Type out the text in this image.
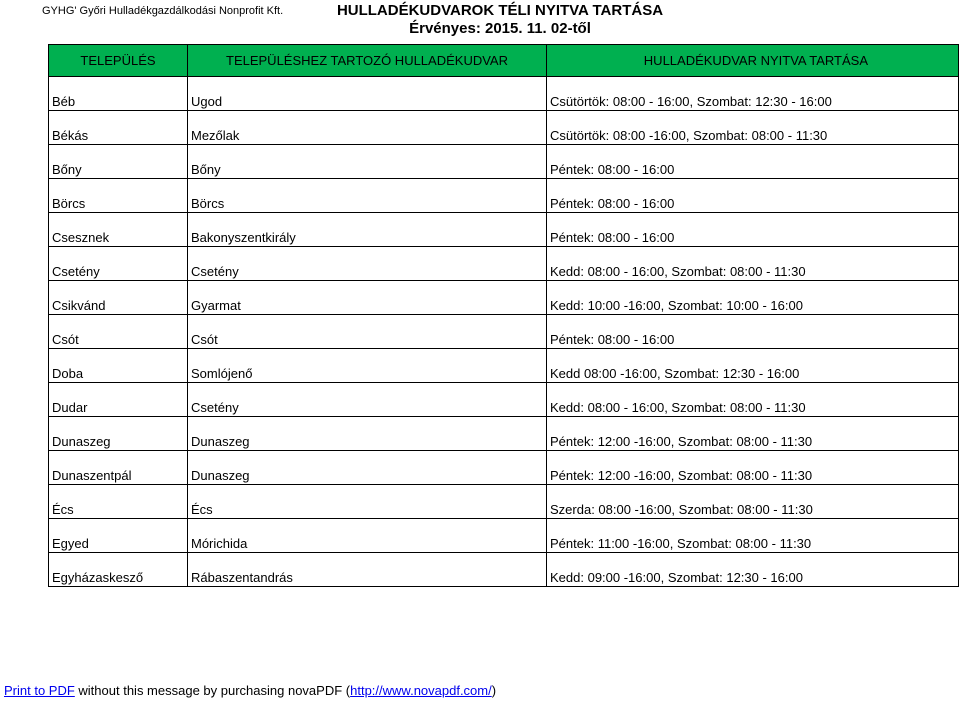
GYHG' Győri Hulladékgazdálkodási Nonprofit Kft.	HULLADÉKUDVAROK TÉLI NYITVA TARTÁSA
Érvényes: 2015. 11. 02-től
TELEPÜLÉS	TELEPÜLÉSHEZ TARTOZÓ HULLADÉKUDVAR	HULLADÉKUDVAR NYITVA TARTÁSA

Béb	Ugod	Csütörtök: 08:00 - 16:00, Szombat: 12:30 - 16:00

Békás	Mezőlak	Csütörtök: 08:00 -16:00, Szombat: 08:00 - 11:30

Bőny	Bőny	Péntek: 08:00 - 16:00

Börcs	Börcs	Péntek: 08:00 - 16:00

Csesznek	Bakonyszentkirály	Péntek: 08:00 - 16:00

Csetény	Csetény	Kedd: 08:00 - 16:00, Szombat: 08:00 - 11:30

Csikvánd	Gyarmat	Kedd: 10:00 -16:00, Szombat: 10:00 - 16:00

Csót	Csót	Péntek: 08:00 - 16:00

Doba	Somlójenő	Kedd 08:00 -16:00, Szombat: 12:30 - 16:00

Dudar	Csetény	Kedd: 08:00 - 16:00, Szombat: 08:00 - 11:30

Dunaszeg	Dunaszeg	Péntek: 12:00 -16:00, Szombat: 08:00 - 11:30

Dunaszentpál	Dunaszeg	Péntek: 12:00 -16:00, Szombat: 08:00 - 11:30

Écs	Écs	Szerda: 08:00 -16:00, Szombat: 08:00 - 11:30

Egyed	Mórichida	Péntek: 11:00 -16:00, Szombat: 08:00 - 11:30

Egyházaskesző	Rábaszentandrás	Kedd: 09:00 -16:00, Szombat: 12:30 - 16:00
Print to PDF without this message by purchasing novaPDF (http://www.novapdf.com/)
